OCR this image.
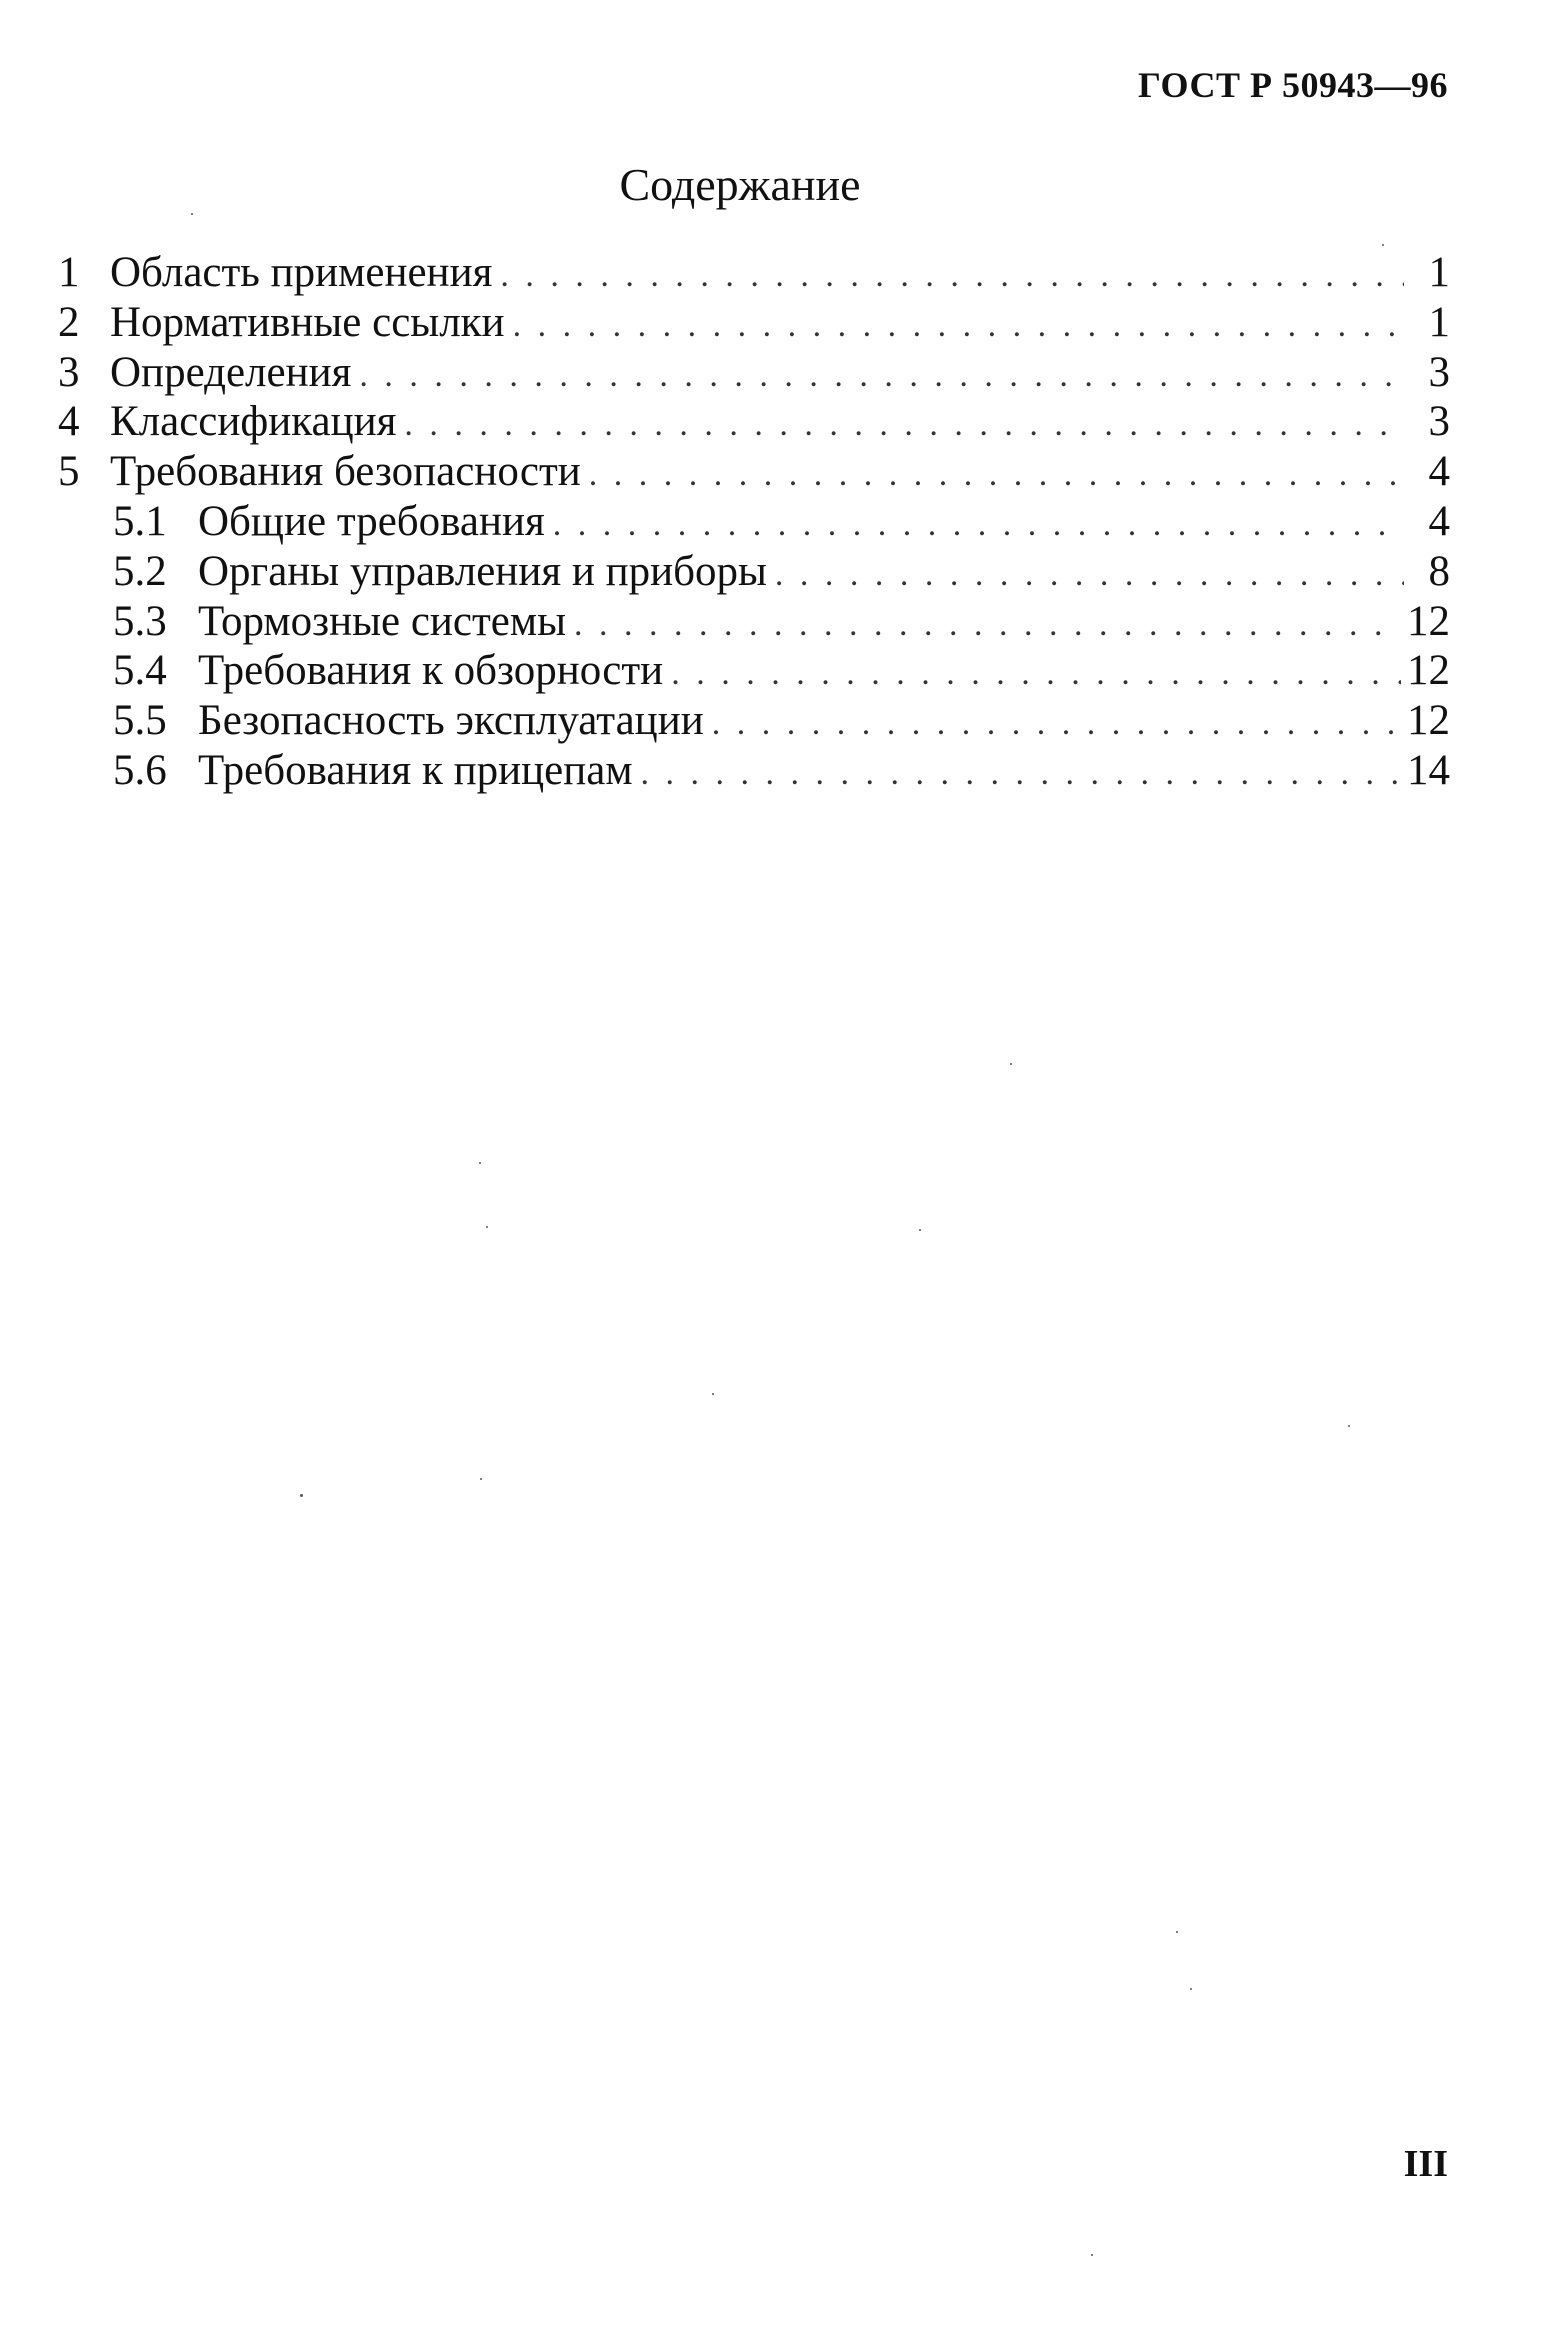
ГОСТ Р 50943—96
Содержание
1 Область применения . . .	1
2 Нормативные ссылки . . .	1
3 Определения . . .	3
4 Классификация . . .	3
5 Требования безопасности . . .	4
5.1 Общие требования . . .	4
5.2 Органы управления и приборы . . .	8
5.3 Тормозные системы . . .	12
5.4 Требования к обзорности . . .	12
5.5 Безопасность эксплуатации . . .	12
5.6 Требования к прицепам . . .	14
III
